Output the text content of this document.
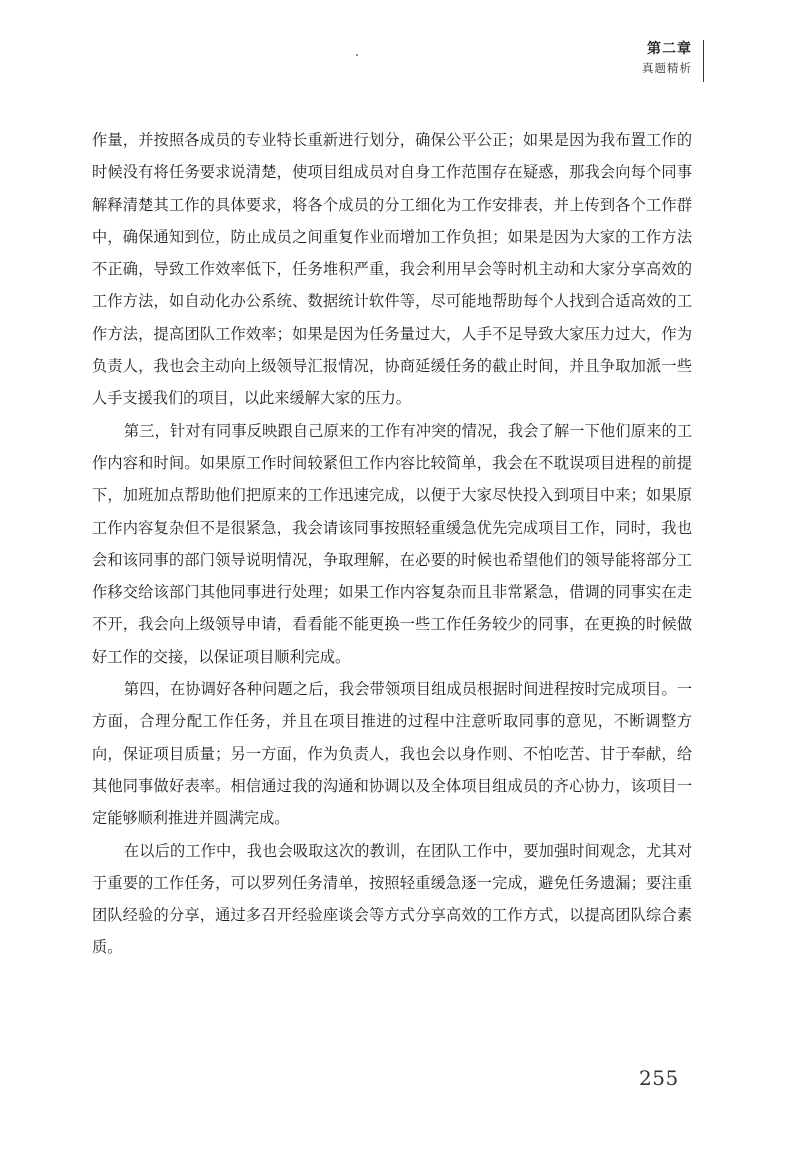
第二章
真题精析

作量，并按照各成员的专业特长重新进行划分，确保公平公正；如果是因为我布置工作的时候没有将任务要求说清楚，使项目组成员对自身工作范围存在疑惑，那我会向每个同事解释清楚其工作的具体要求，将各个成员的分工细化为工作安排表，并上传到各个工作群中，确保通知到位，防止成员之间重复作业而增加工作负担；如果是因为大家的工作方法不正确，导致工作效率低下，任务堆积严重，我会利用早会等时机主动和大家分享高效的工作方法，如自动化办公系统、数据统计软件等，尽可能地帮助每个人找到合适高效的工作方法，提高团队工作效率；如果是因为任务量过大，人手不足导致大家压力过大，作为负责人，我也会主动向上级领导汇报情况，协商延缓任务的截止时间，并且争取加派一些人手支援我们的项目，以此来缓解大家的压力。

第三，针对有同事反映跟自己原来的工作有冲突的情况，我会了解一下他们原来的工作内容和时间。如果原工作时间较紧但工作内容比较简单，我会在不耽误项目进程的前提下，加班加点帮助他们把原来的工作迅速完成，以便于大家尽快投入到项目中来；如果原工作内容复杂但不是很紧急，我会请该同事按照轻重缓急优先完成项目工作，同时，我也会和该同事的部门领导说明情况，争取理解，在必要的时候也希望他们的领导能将部分工作移交给该部门其他同事进行处理；如果工作内容复杂而且非常紧急，借调的同事实在走不开，我会向上级领导申请，看看能不能更换一些工作任务较少的同事，在更换的时候做好工作的交接，以保证项目顺利完成。

第四，在协调好各种问题之后，我会带领项目组成员根据时间进程按时完成项目。一方面，合理分配工作任务，并且在项目推进的过程中注意听取同事的意见，不断调整方向，保证项目质量；另一方面，作为负责人，我也会以身作则、不怕吃苦、甘于奉献，给其他同事做好表率。相信通过我的沟通和协调以及全体项目组成员的齐心协力，该项目一定能够顺利推进并圆满完成。

在以后的工作中，我也会吸取这次的教训，在团队工作中，要加强时间观念，尤其对于重要的工作任务，可以罗列任务清单，按照轻重缓急逐一完成，避免任务遗漏；要注重团队经验的分享，通过多召开经验座谈会等方式分享高效的工作方式，以提高团队综合素质。

255
